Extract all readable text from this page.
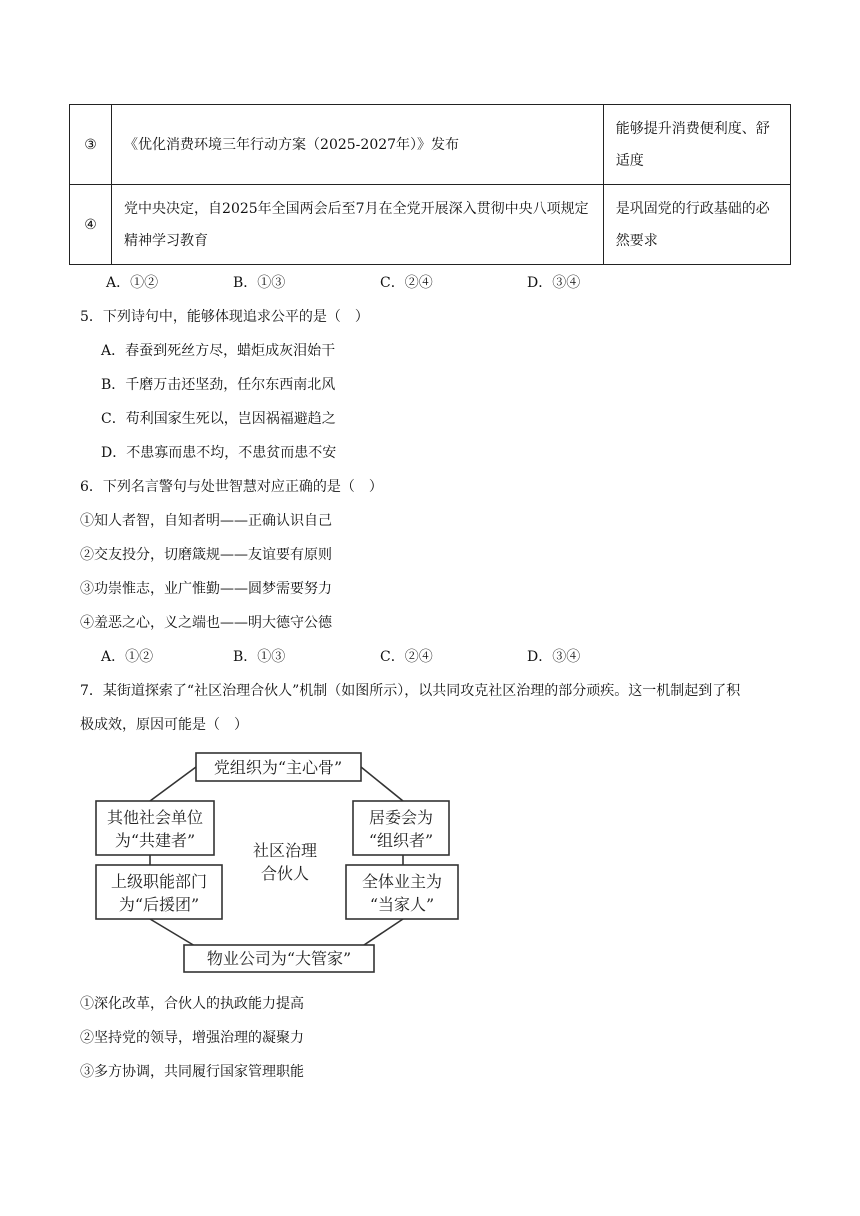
③	《优化消费环境三年行动方案（2025-2027年）》发布	能够提升消费便利度、舒适度
④	党中央决定，自2025年全国两会后至7月在全党开展深入贯彻中央八项规定精神学习教育	是巩固党的行政基础的必然要求
A．①②	B．①③	C．②④	D．③④
5．下列诗句中，能够体现追求公平的是（　）
A．春蚕到死丝方尽，蜡炬成灰泪始干
B．千磨万击还坚劲，任尔东西南北风
C．苟利国家生死以，岂因祸福避趋之
D．不患寡而患不均，不患贫而患不安
6．下列名言警句与处世智慧对应正确的是（　）
①知人者智，自知者明——正确认识自己
②交友投分，切磨箴规——友谊要有原则
③功崇惟志，业广惟勤——圆梦需要努力
④羞恶之心，义之端也——明大德守公德
A．①②	B．①③	C．②④	D．③④
7．某街道探索了“社区治理合伙人”机制（如图所示），以共同攻克社区治理的部分顽疾。这一机制起到了积
极成效，原因可能是（　）
党组织为“主心骨”
其他社会单位
为“共建者”
居委会为
“组织者”
上级职能部门
为“后援团”
全体业主为
“当家人”
物业公司为“大管家”
社区治理
合伙人
①深化改革，合伙人的执政能力提高
②坚持党的领导，增强治理的凝聚力
③多方协调，共同履行国家管理职能
